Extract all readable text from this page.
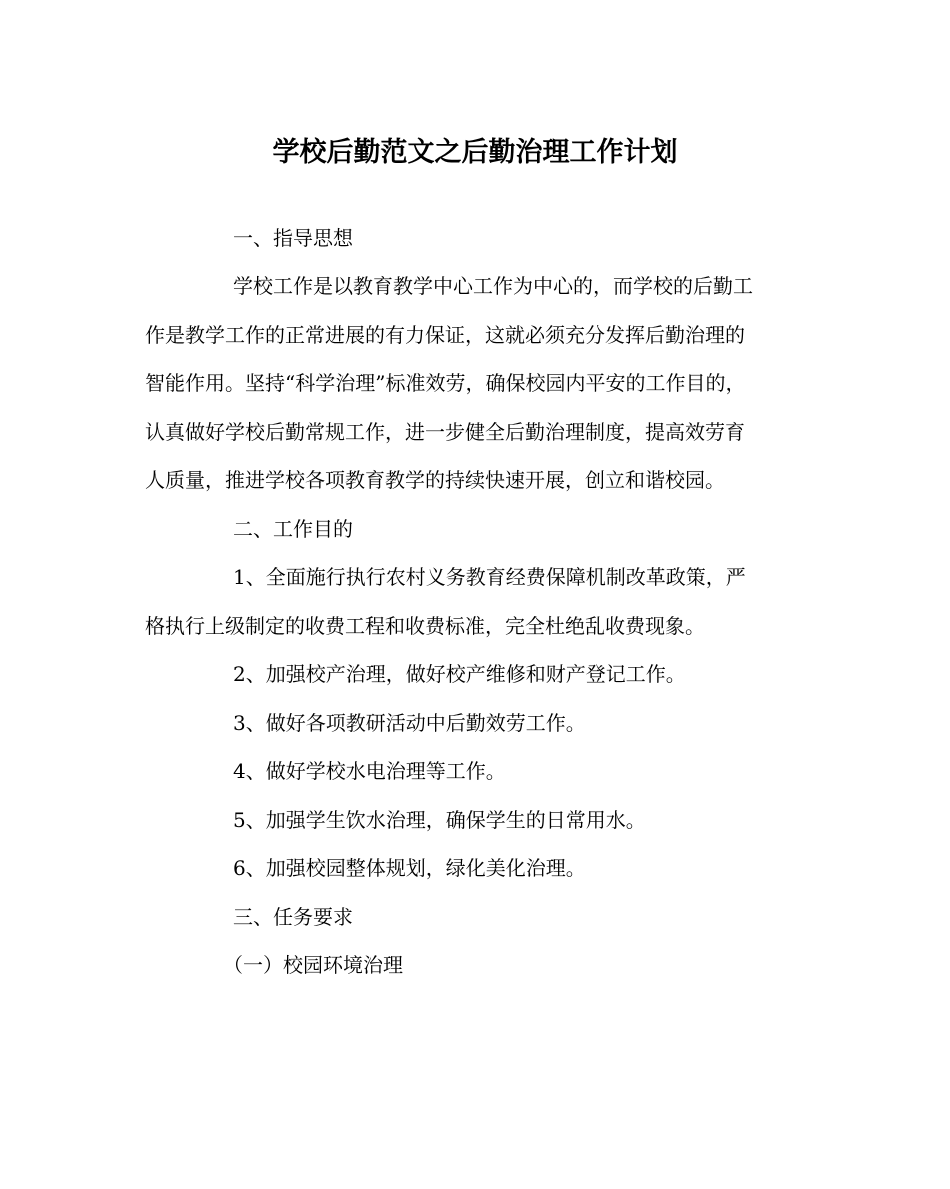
学校后勤范文之后勤治理工作计划
一、指导思想
学校工作是以教育教学中心工作为中心的，而学校的后勤工
作是教学工作的正常进展的有力保证，这就必须充分发挥后勤治理的
智能作用。坚持“科学治理”标准效劳，确保校园内平安的工作目的，
认真做好学校后勤常规工作，进一步健全后勤治理制度，提高效劳育
人质量，推进学校各项教育教学的持续快速开展，创立和谐校园。
二、工作目的
1、全面施行执行农村义务教育经费保障机制改革政策，严
格执行上级制定的收费工程和收费标准，完全杜绝乱收费现象。
2、加强校产治理，做好校产维修和财产登记工作。
3、做好各项教研活动中后勤效劳工作。
4、做好学校水电治理等工作。
5、加强学生饮水治理，确保学生的日常用水。
6、加强校园整体规划，绿化美化治理。
三、任务要求
（一）校园环境治理
